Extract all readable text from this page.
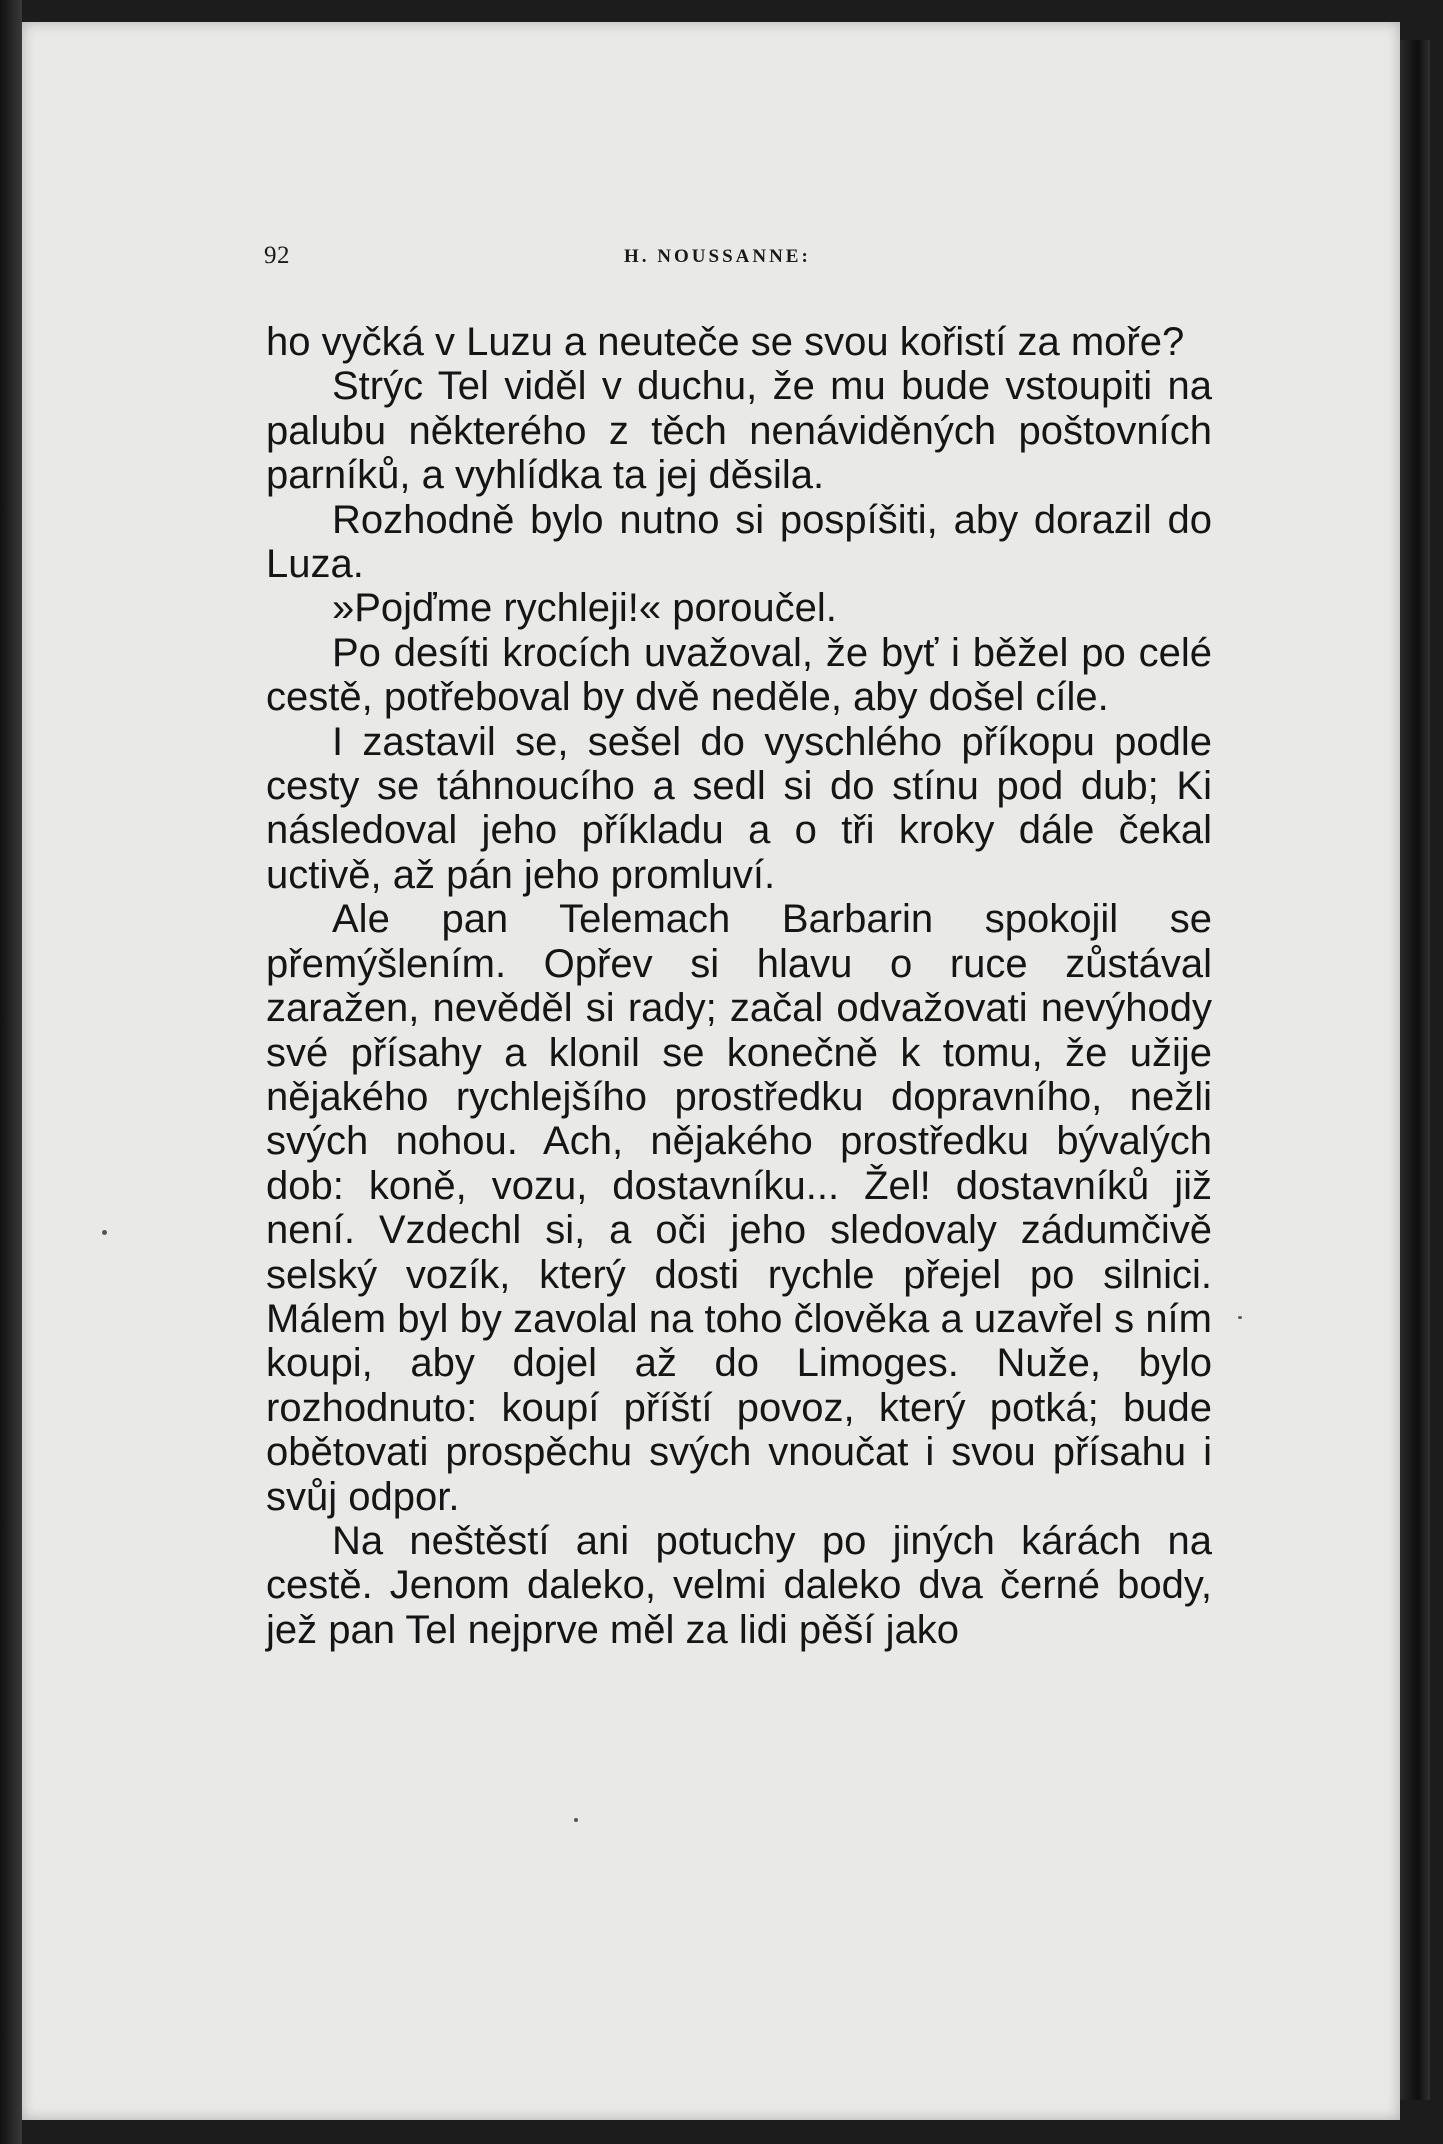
92	H. NOUSSANNE:

ho vyčká v Luzu a neuteče se svou kořistí za moře?

Strýc Tel viděl v duchu, že mu bude vstoupiti na palubu některého z těch nenáviděných poštovních parníků, a vyhlídka ta jej děsila.

Rozhodně bylo nutno si pospíšiti, aby dorazil do Luza.

»Pojďme rychleji!« poroučel.

Po desíti krocích uvažoval, že byť i běžel po celé cestě, potřeboval by dvě neděle, aby došel cíle.

I zastavil se, sešel do vyschlého příkopu podle cesty se táhnoucího a sedl si do stínu pod dub; Ki následoval jeho příkladu a o tři kroky dále čekal uctivě, až pán jeho promluví.

Ale pan Telemach Barbarin spokojil se přemýšlením. Opřev si hlavu o ruce zůstával zaražen, nevěděl si rady; začal odvažovati nevýhody své přísahy a klonil se konečně k tomu, že užije nějakého rychlejšího prostředku dopravního, nežli svých nohou. Ach, nějakého prostředku bývalých dob: koně, vozu, dostavníku... Žel! dostavníků již není. Vzdechl si, a oči jeho sledovaly zádumčivě selský vozík, který dosti rychle přejel po silnici. Málem byl by zavolal na toho člověka a uzavřel s ním koupi, aby dojel až do Limoges. Nuže, bylo rozhodnuto: koupí příští povoz, který potká; bude obětovati prospěchu svých vnoučat i svou přísahu i svůj odpor.

Na neštěstí ani potuchy po jiných kárách na cestě. Jenom daleko, velmi daleko dva černé body, jež pan Tel nejprve měl za lidi pěší jako
